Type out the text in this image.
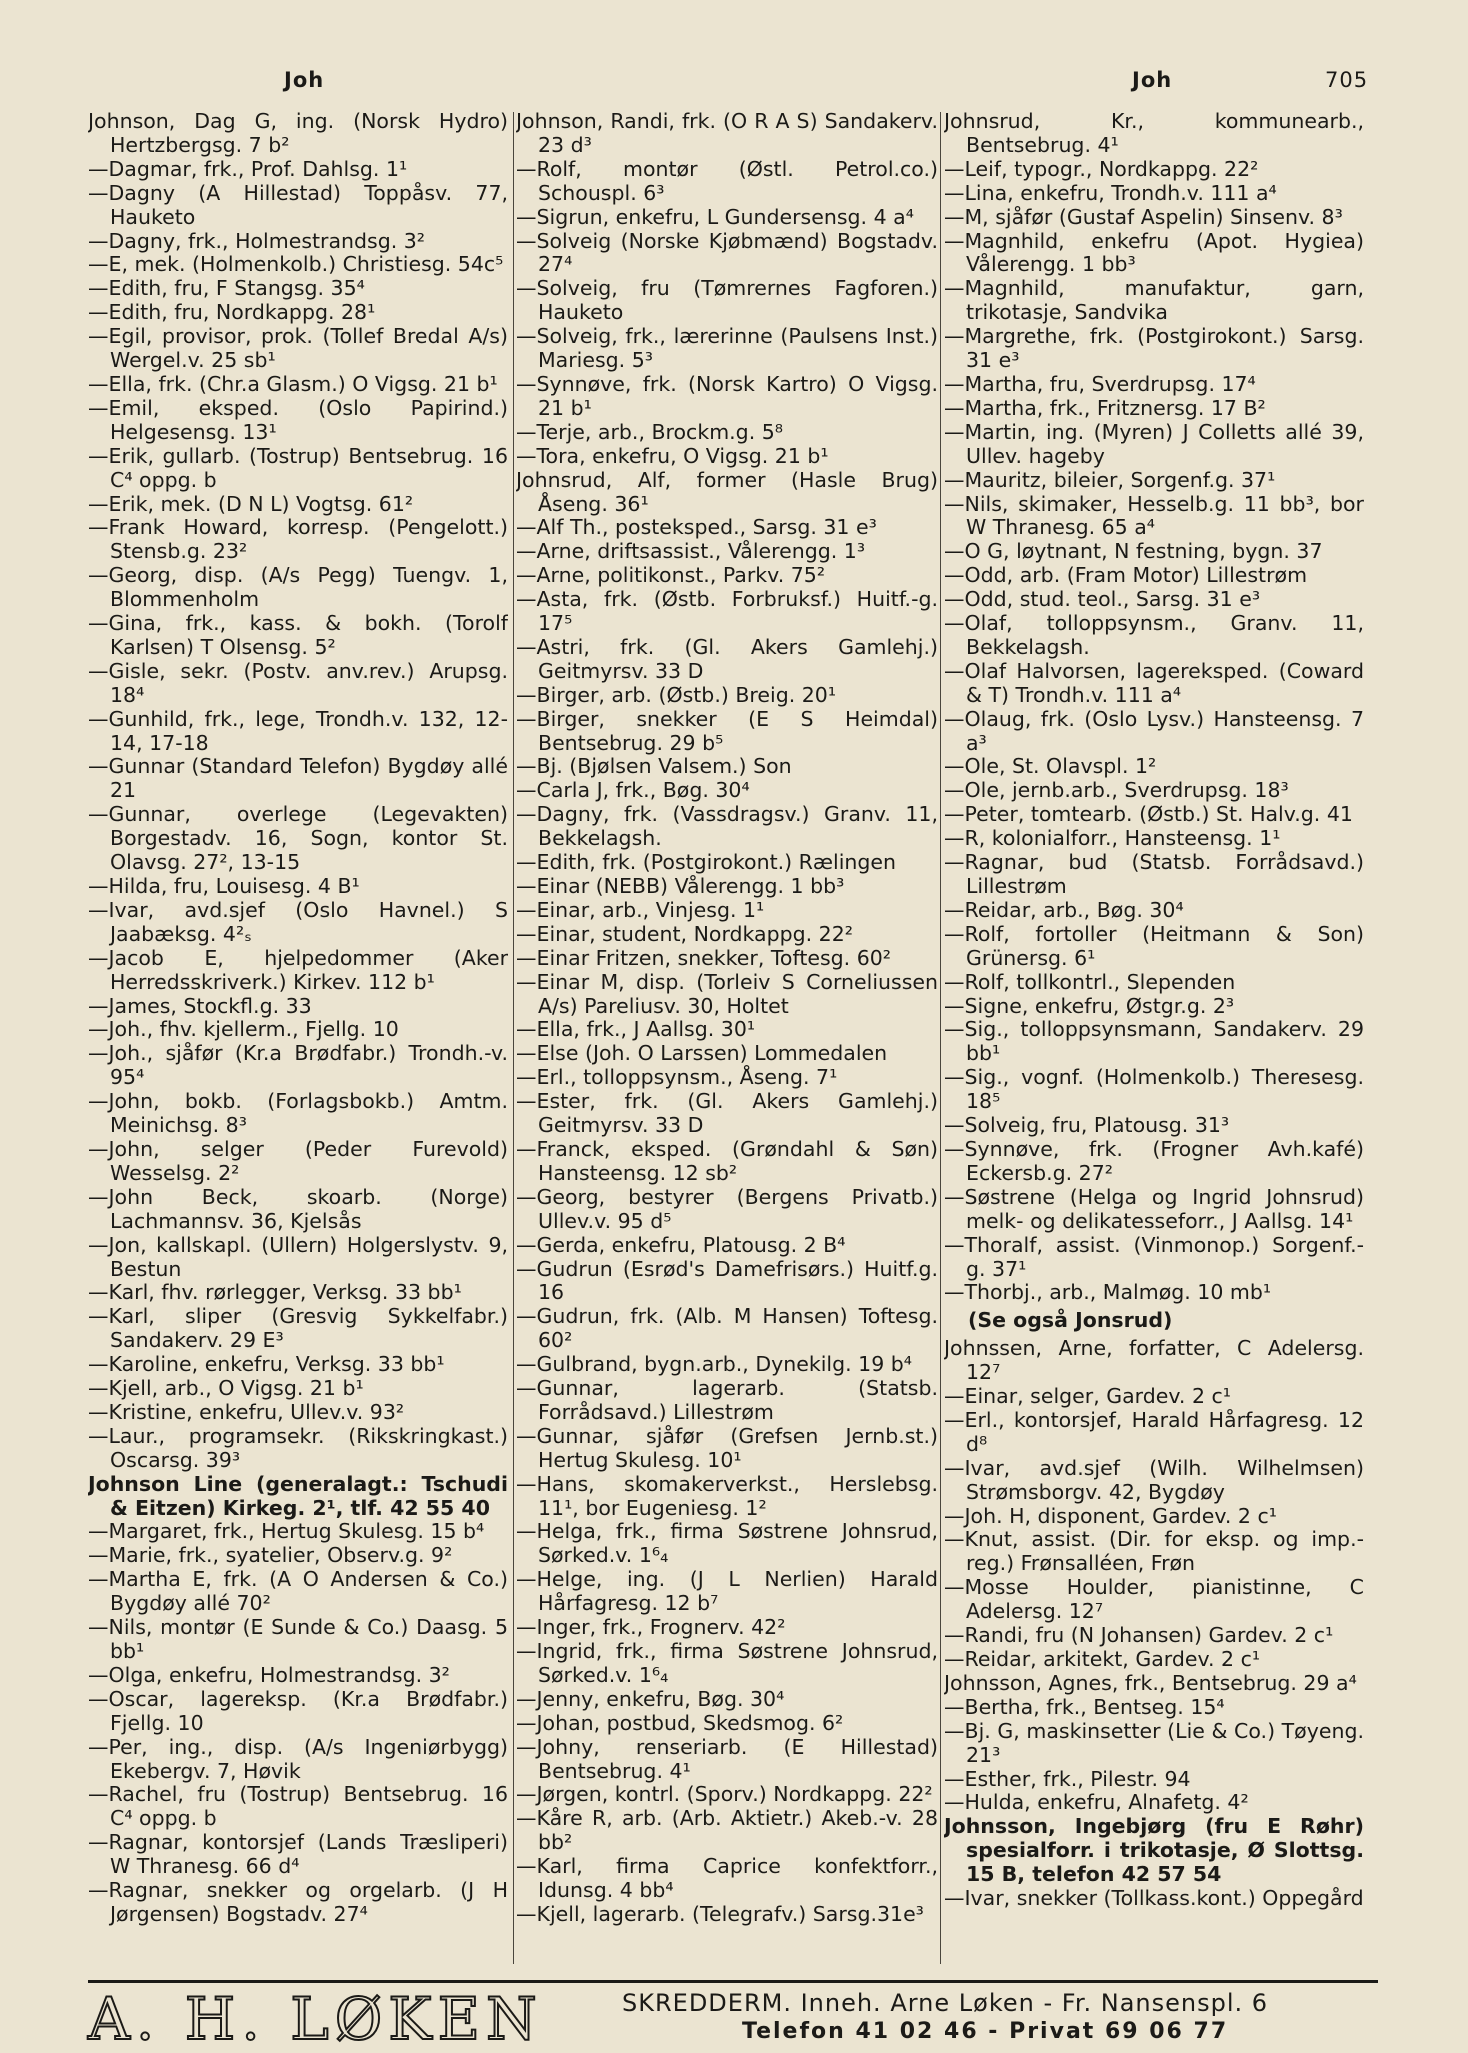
Joh	Joh	705
Johnson, Dag G, ing. (Norsk Hydro) Hertzbergsg. 7 b²
—Dagmar, frk., Prof. Dahlsg. 1¹
—Dagny (A Hillestad) Toppåsv. 77, Hauketo
—Dagny, frk., Holmestrandsg. 3²
—E, mek. (Holmenkolb.) Christiesg. 54c⁵
—Edith, fru, F Stangsg. 35⁴
—Edith, fru, Nordkappg. 28¹
—Egil, provisor, prok. (Tollef Bredal A/s) Wergel.v. 25 sb¹
—Ella, frk. (Chr.a Glasm.) O Vigsg. 21 b¹
—Emil, eksped. (Oslo Papirind.) Helgesensg. 13¹
—Erik, gullarb. (Tostrup) Bentsebrug. 16 C⁴ oppg. b
—Erik, mek. (D N L) Vogtsg. 61²
—Frank Howard, korresp. (Pengelott.) Stensb.g. 23²
—Georg, disp. (A/s Pegg) Tuengv. 1, Blommenholm
—Gina, frk., kass. & bokh. (Torolf Karlsen) T Olsensg. 5²
—Gisle, sekr. (Postv. anv.rev.) Arupsg. 18⁴
—Gunhild, frk., lege, Trondh.v. 132, 12-14, 17-18
—Gunnar (Standard Telefon) Bygdøy allé 21
—Gunnar, overlege (Legevakten) Borgestadv. 16, Sogn, kontor St. Olavsg. 27², 13-15
—Hilda, fru, Louisesg. 4 B¹
—Ivar, avd.sjef (Oslo Havnel.) S Jaabæksg. 4²ₛ
—Jacob E, hjelpedommer (Aker Herredsskriverk.) Kirkev. 112 b¹
—James, Stockfl.g. 33
—Joh., fhv. kjellerm., Fjellg. 10
—Joh., sjåfør (Kr.a Brødfabr.) Trondh.-v. 95⁴
—John, bokb. (Forlagsbokb.) Amtm. Meinichsg. 8³
—John, selger (Peder Furevold) Wesselsg. 2²
—John Beck, skoarb. (Norge) Lachmannsv. 36, Kjelsås
—Jon, kallskapl. (Ullern) Holgerslystv. 9, Bestun
—Karl, fhv. rørlegger, Verksg. 33 bb¹
—Karl, sliper (Gresvig Sykkelfabr.) Sandakerv. 29 E³
—Karoline, enkefru, Verksg. 33 bb¹
—Kjell, arb., O Vigsg. 21 b¹
—Kristine, enkefru, Ullev.v. 93²
—Laur., programsekr. (Rikskringkast.) Oscarsg. 39³
Johnson Line (generalagt.: Tschudi & Eitzen) Kirkeg. 2¹, tlf. 42 55 40
—Margaret, frk., Hertug Skulesg. 15 b⁴
—Marie, frk., syatelier, Observ.g. 9²
—Martha E, frk. (A O Andersen & Co.) Bygdøy allé 70²
—Nils, montør (E Sunde & Co.) Daasg. 5 bb¹
—Olga, enkefru, Holmestrandsg. 3²
—Oscar, lagereksp. (Kr.a Brødfabr.) Fjellg. 10
—Per, ing., disp. (A/s Ingeniørbygg) Ekebergv. 7, Høvik
—Rachel, fru (Tostrup) Bentsebrug. 16 C⁴ oppg. b
—Ragnar, kontorsjef (Lands Træsliperi) W Thranesg. 66 d⁴
—Ragnar, snekker og orgelarb. (J H Jørgensen) Bogstadv. 27⁴
Johnson, Randi, frk. (O R A S) Sandakerv. 23 d³
—Rolf, montør (Østl. Petrol.co.) Schouspl. 6³
—Sigrun, enkefru, L Gundersensg. 4 a⁴
—Solveig (Norske Kjøbmænd) Bogstadv. 27⁴
—Solveig, fru (Tømrernes Fagforen.) Hauketo
—Solveig, frk., lærerinne (Paulsens Inst.) Mariesg. 5³
—Synnøve, frk. (Norsk Kartro) O Vigsg. 21 b¹
—Terje, arb., Brockm.g. 5⁸
—Tora, enkefru, O Vigsg. 21 b¹
Johnsrud, Alf, former (Hasle Brug) Åseng. 36¹
—Alf Th., posteksped., Sarsg. 31 e³
—Arne, driftsassist., Vålerengg. 1³
—Arne, politikonst., Parkv. 75²
—Asta, frk. (Østb. Forbruksf.) Huitf.-g. 17⁵
—Astri, frk. (Gl. Akers Gamlehj.) Geitmyrsv. 33 D
—Birger, arb. (Østb.) Breig. 20¹
—Birger, snekker (E S Heimdal) Bentsebrug. 29 b⁵
—Bj. (Bjølsen Valsem.) Son
—Carla J, frk., Bøg. 30⁴
—Dagny, frk. (Vassdragsv.) Granv. 11, Bekkelagsh.
—Edith, frk. (Postgirokont.) Rælingen
—Einar (NEBB) Vålerengg. 1 bb³
—Einar, arb., Vinjesg. 1¹
—Einar, student, Nordkappg. 22²
—Einar Fritzen, snekker, Toftesg. 60²
—Einar M, disp. (Torleiv S Corneliussen A/s) Pareliusv. 30, Holtet
—Ella, frk., J Aallsg. 30¹
—Else (Joh. O Larssen) Lommedalen
—Erl., tolloppsynsm., Åseng. 7¹
—Ester, frk. (Gl. Akers Gamlehj.) Geitmyrsv. 33 D
—Franck, eksped. (Grøndahl & Søn) Hansteensg. 12 sb²
—Georg, bestyrer (Bergens Privatb.) Ullev.v. 95 d⁵
—Gerda, enkefru, Platousg. 2 B⁴
—Gudrun (Esrød's Damefrisørs.) Huitf.g. 16
—Gudrun, frk. (Alb. M Hansen) Toftesg. 60²
—Gulbrand, bygn.arb., Dynekilg. 19 b⁴
—Gunnar, lagerarb. (Statsb. Forrådsavd.) Lillestrøm
—Gunnar, sjåfør (Grefsen Jernb.st.) Hertug Skulesg. 10¹
—Hans, skomakerverkst., Herslebsg. 11¹, bor Eugeniesg. 1²
—Helga, frk., firma Søstrene Johnsrud, Sørked.v. 1⁶₄
—Helge, ing. (J L Nerlien) Harald Hårfagresg. 12 b⁷
—Inger, frk., Frognerv. 42²
—Ingrid, frk., firma Søstrene Johnsrud, Sørked.v. 1⁶₄
—Jenny, enkefru, Bøg. 30⁴
—Johan, postbud, Skedsmog. 6²
—Johny, renseriarb. (E Hillestad) Bentsebrug. 4¹
—Jørgen, kontrl. (Sporv.) Nordkappg. 22²
—Kåre R, arb. (Arb. Aktietr.) Akeb.-v. 28 bb²
—Karl, firma Caprice konfektforr., Idunsg. 4 bb⁴
—Kjell, lagerarb. (Telegrafv.) Sarsg.31e³
Johnsrud, Kr., kommunearb., Bentsebrug. 4¹
—Leif, typogr., Nordkappg. 22²
—Lina, enkefru, Trondh.v. 111 a⁴
—M, sjåfør (Gustaf Aspelin) Sinsenv. 8³
—Magnhild, enkefru (Apot. Hygiea) Vålerengg. 1 bb³
—Magnhild, manufaktur, garn, trikotasje, Sandvika
—Margrethe, frk. (Postgirokont.) Sarsg. 31 e³
—Martha, fru, Sverdrupsg. 17⁴
—Martha, frk., Fritznersg. 17 B²
—Martin, ing. (Myren) J Colletts allé 39, Ullev. hageby
—Mauritz, bileier, Sorgenf.g. 37¹
—Nils, skimaker, Hesselb.g. 11 bb³, bor W Thranesg. 65 a⁴
—O G, løytnant, N festning, bygn. 37
—Odd, arb. (Fram Motor) Lillestrøm
—Odd, stud. teol., Sarsg. 31 e³
—Olaf, tolloppsynsm., Granv. 11, Bekkelagsh.
—Olaf Halvorsen, lagereksped. (Coward & T) Trondh.v. 111 a⁴
—Olaug, frk. (Oslo Lysv.) Hansteensg. 7 a³
—Ole, St. Olavspl. 1²
—Ole, jernb.arb., Sverdrupsg. 18³
—Peter, tomtearb. (Østb.) St. Halv.g. 41
—R, kolonialforr., Hansteensg. 1¹
—Ragnar, bud (Statsb. Forrådsavd.) Lillestrøm
—Reidar, arb., Bøg. 30⁴
—Rolf, fortoller (Heitmann & Son) Grünersg. 6¹
—Rolf, tollkontrl., Slependen
—Signe, enkefru, Østgr.g. 2³
—Sig., tolloppsynsmann, Sandakerv. 29 bb¹
—Sig., vognf. (Holmenkolb.) Theresesg. 18⁵
—Solveig, fru, Platousg. 31³
—Synnøve, frk. (Frogner Avh.kafé) Eckersb.g. 27²
—Søstrene (Helga og Ingrid Johnsrud) melk- og delikatesseforr., J Aallsg. 14¹
—Thoralf, assist. (Vinmonop.) Sorgenf.-g. 37¹
—Thorbj., arb., Malmøg. 10 mb¹
(Se også Jonsrud)
Johnssen, Arne, forfatter, C Adelersg. 12⁷
—Einar, selger, Gardev. 2 c¹
—Erl., kontorsjef, Harald Hårfagresg. 12 d⁸
—Ivar, avd.sjef (Wilh. Wilhelmsen) Strømsborgv. 42, Bygdøy
—Joh. H, disponent, Gardev. 2 c¹
—Knut, assist. (Dir. for eksp. og imp.-reg.) Frønsalléen, Frøn
—Mosse Houlder, pianistinne, C Adelersg. 12⁷
—Randi, fru (N Johansen) Gardev. 2 c¹
—Reidar, arkitekt, Gardev. 2 c¹
Johnsson, Agnes, frk., Bentsebrug. 29 a⁴
—Bertha, frk., Bentseg. 15⁴
—Bj. G, maskinsetter (Lie & Co.) Tøyeng. 21³
—Esther, frk., Pilestr. 94
—Hulda, enkefru, Alnafetg. 4²
Johnsson, Ingebjørg (fru E Røhr) spesialforr. i trikotasje, Ø Slottsg. 15 B, telefon 42 57 54
—Ivar, snekker (Tollkass.kont.) Oppegård
A. H. LØKEN	SKREDDERM. Inneh. Arne Løken - Fr. Nansenspl. 6
Telefon 41 02 46 - Privat 69 06 77
